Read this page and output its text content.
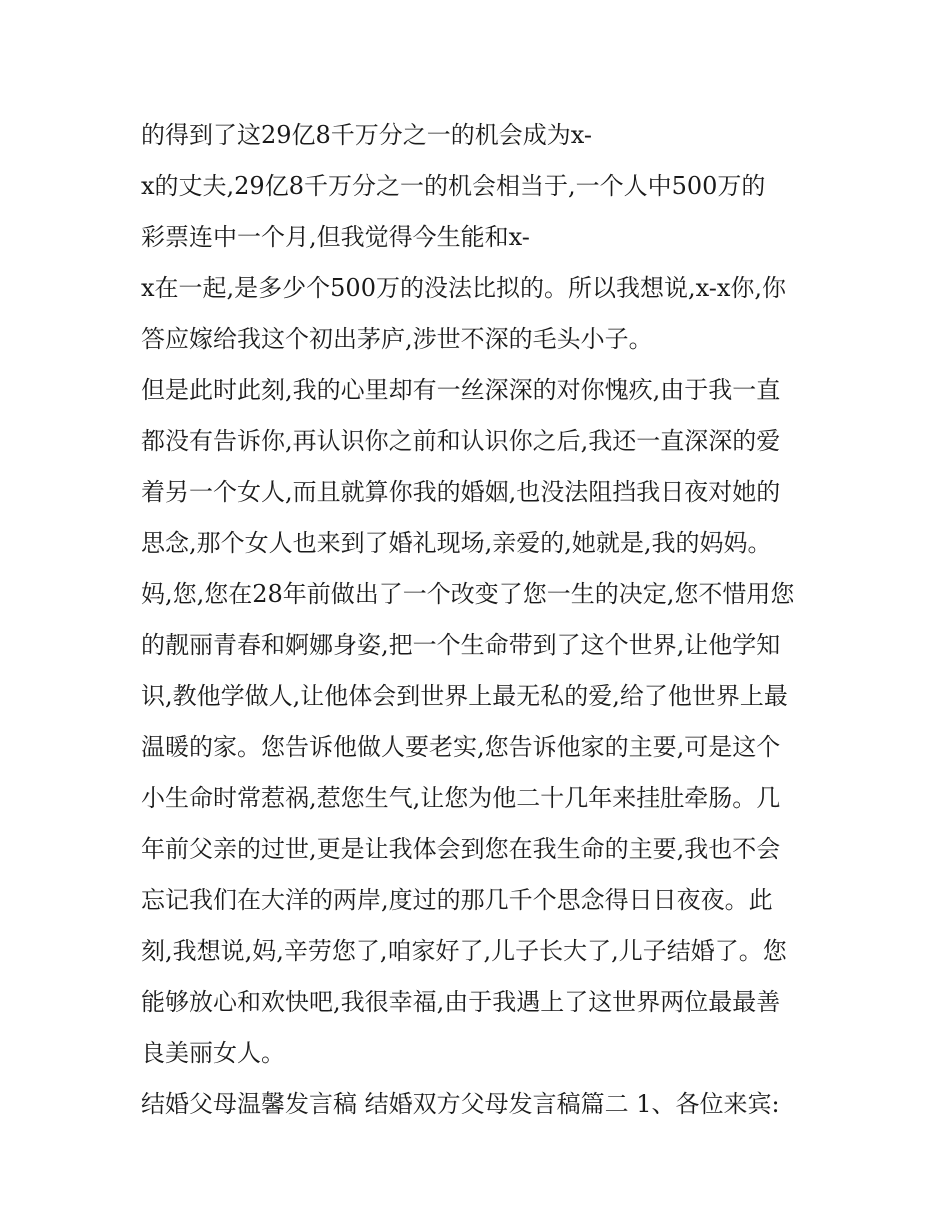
的得到了这29亿8千万分之一的机会成为x-
x的丈夫,29亿8千万分之一的机会相当于,一个人中500万的
彩票连中一个月,但我觉得今生能和x-
x在一起,是多少个500万的没法比拟的。所以我想说,x-x你,你
答应嫁给我这个初出茅庐,涉世不深的毛头小子。
但是此时此刻,我的心里却有一丝深深的对你愧疚,由于我一直
都没有告诉你,再认识你之前和认识你之后,我还一直深深的爱
着另一个女人,而且就算你我的婚姻,也没法阻挡我日夜对她的
思念,那个女人也来到了婚礼现场,亲爱的,她就是,我的妈妈。
妈,您,您在28年前做出了一个改变了您一生的决定,您不惜用您
的靓丽青春和婀娜身姿,把一个生命带到了这个世界,让他学知
识,教他学做人,让他体会到世界上最无私的爱,给了他世界上最
温暖的家。您告诉他做人要老实,您告诉他家的主要,可是这个
小生命时常惹祸,惹您生气,让您为他二十几年来挂肚牵肠。几
年前父亲的过世,更是让我体会到您在我生命的主要,我也不会
忘记我们在大洋的两岸,度过的那几千个思念得日日夜夜。此
刻,我想说,妈,辛劳您了,咱家好了,儿子长大了,儿子结婚了。您
能够放心和欢快吧,我很幸福,由于我遇上了这世界两位最最善
良美丽女人。
结婚父母温馨发言稿 结婚双方父母发言稿篇二 1、各位来宾:
